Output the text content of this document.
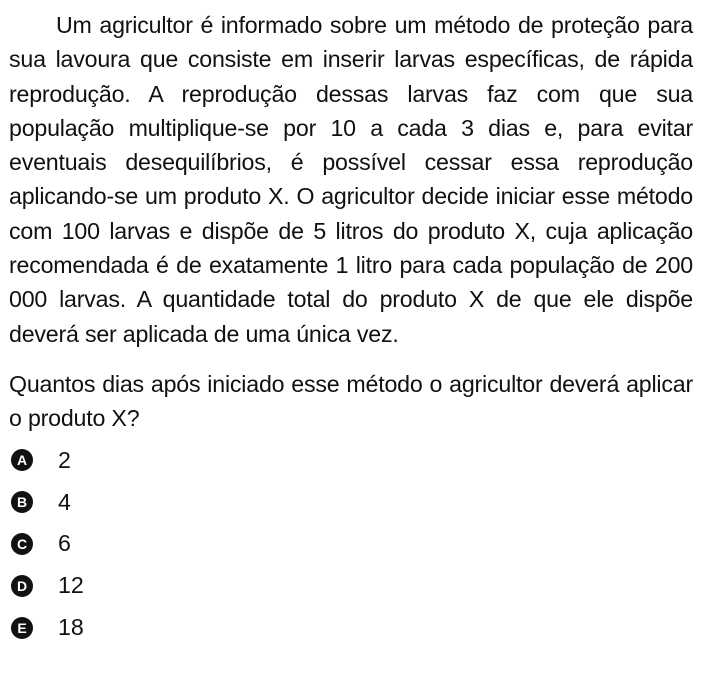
Um agricultor é informado sobre um método de proteção para sua lavoura que consiste em inserir larvas específicas, de rápida reprodução. A reprodução dessas larvas faz com que sua população multiplique-se por 10 a cada 3 dias e, para evitar eventuais desequilíbrios, é possível cessar essa reprodução aplicando-se um produto X. O agricultor decide iniciar esse método com 100 larvas e dispõe de 5 litros do produto X, cuja aplicação recomendada é de exatamente 1 litro para cada população de 200 000 larvas. A quantidade total do produto X de que ele dispõe deverá ser aplicada de uma única vez.

Quantos dias após iniciado esse método o agricultor deverá aplicar o produto X?

A 2
B 4
C 6
D 12
E 18
